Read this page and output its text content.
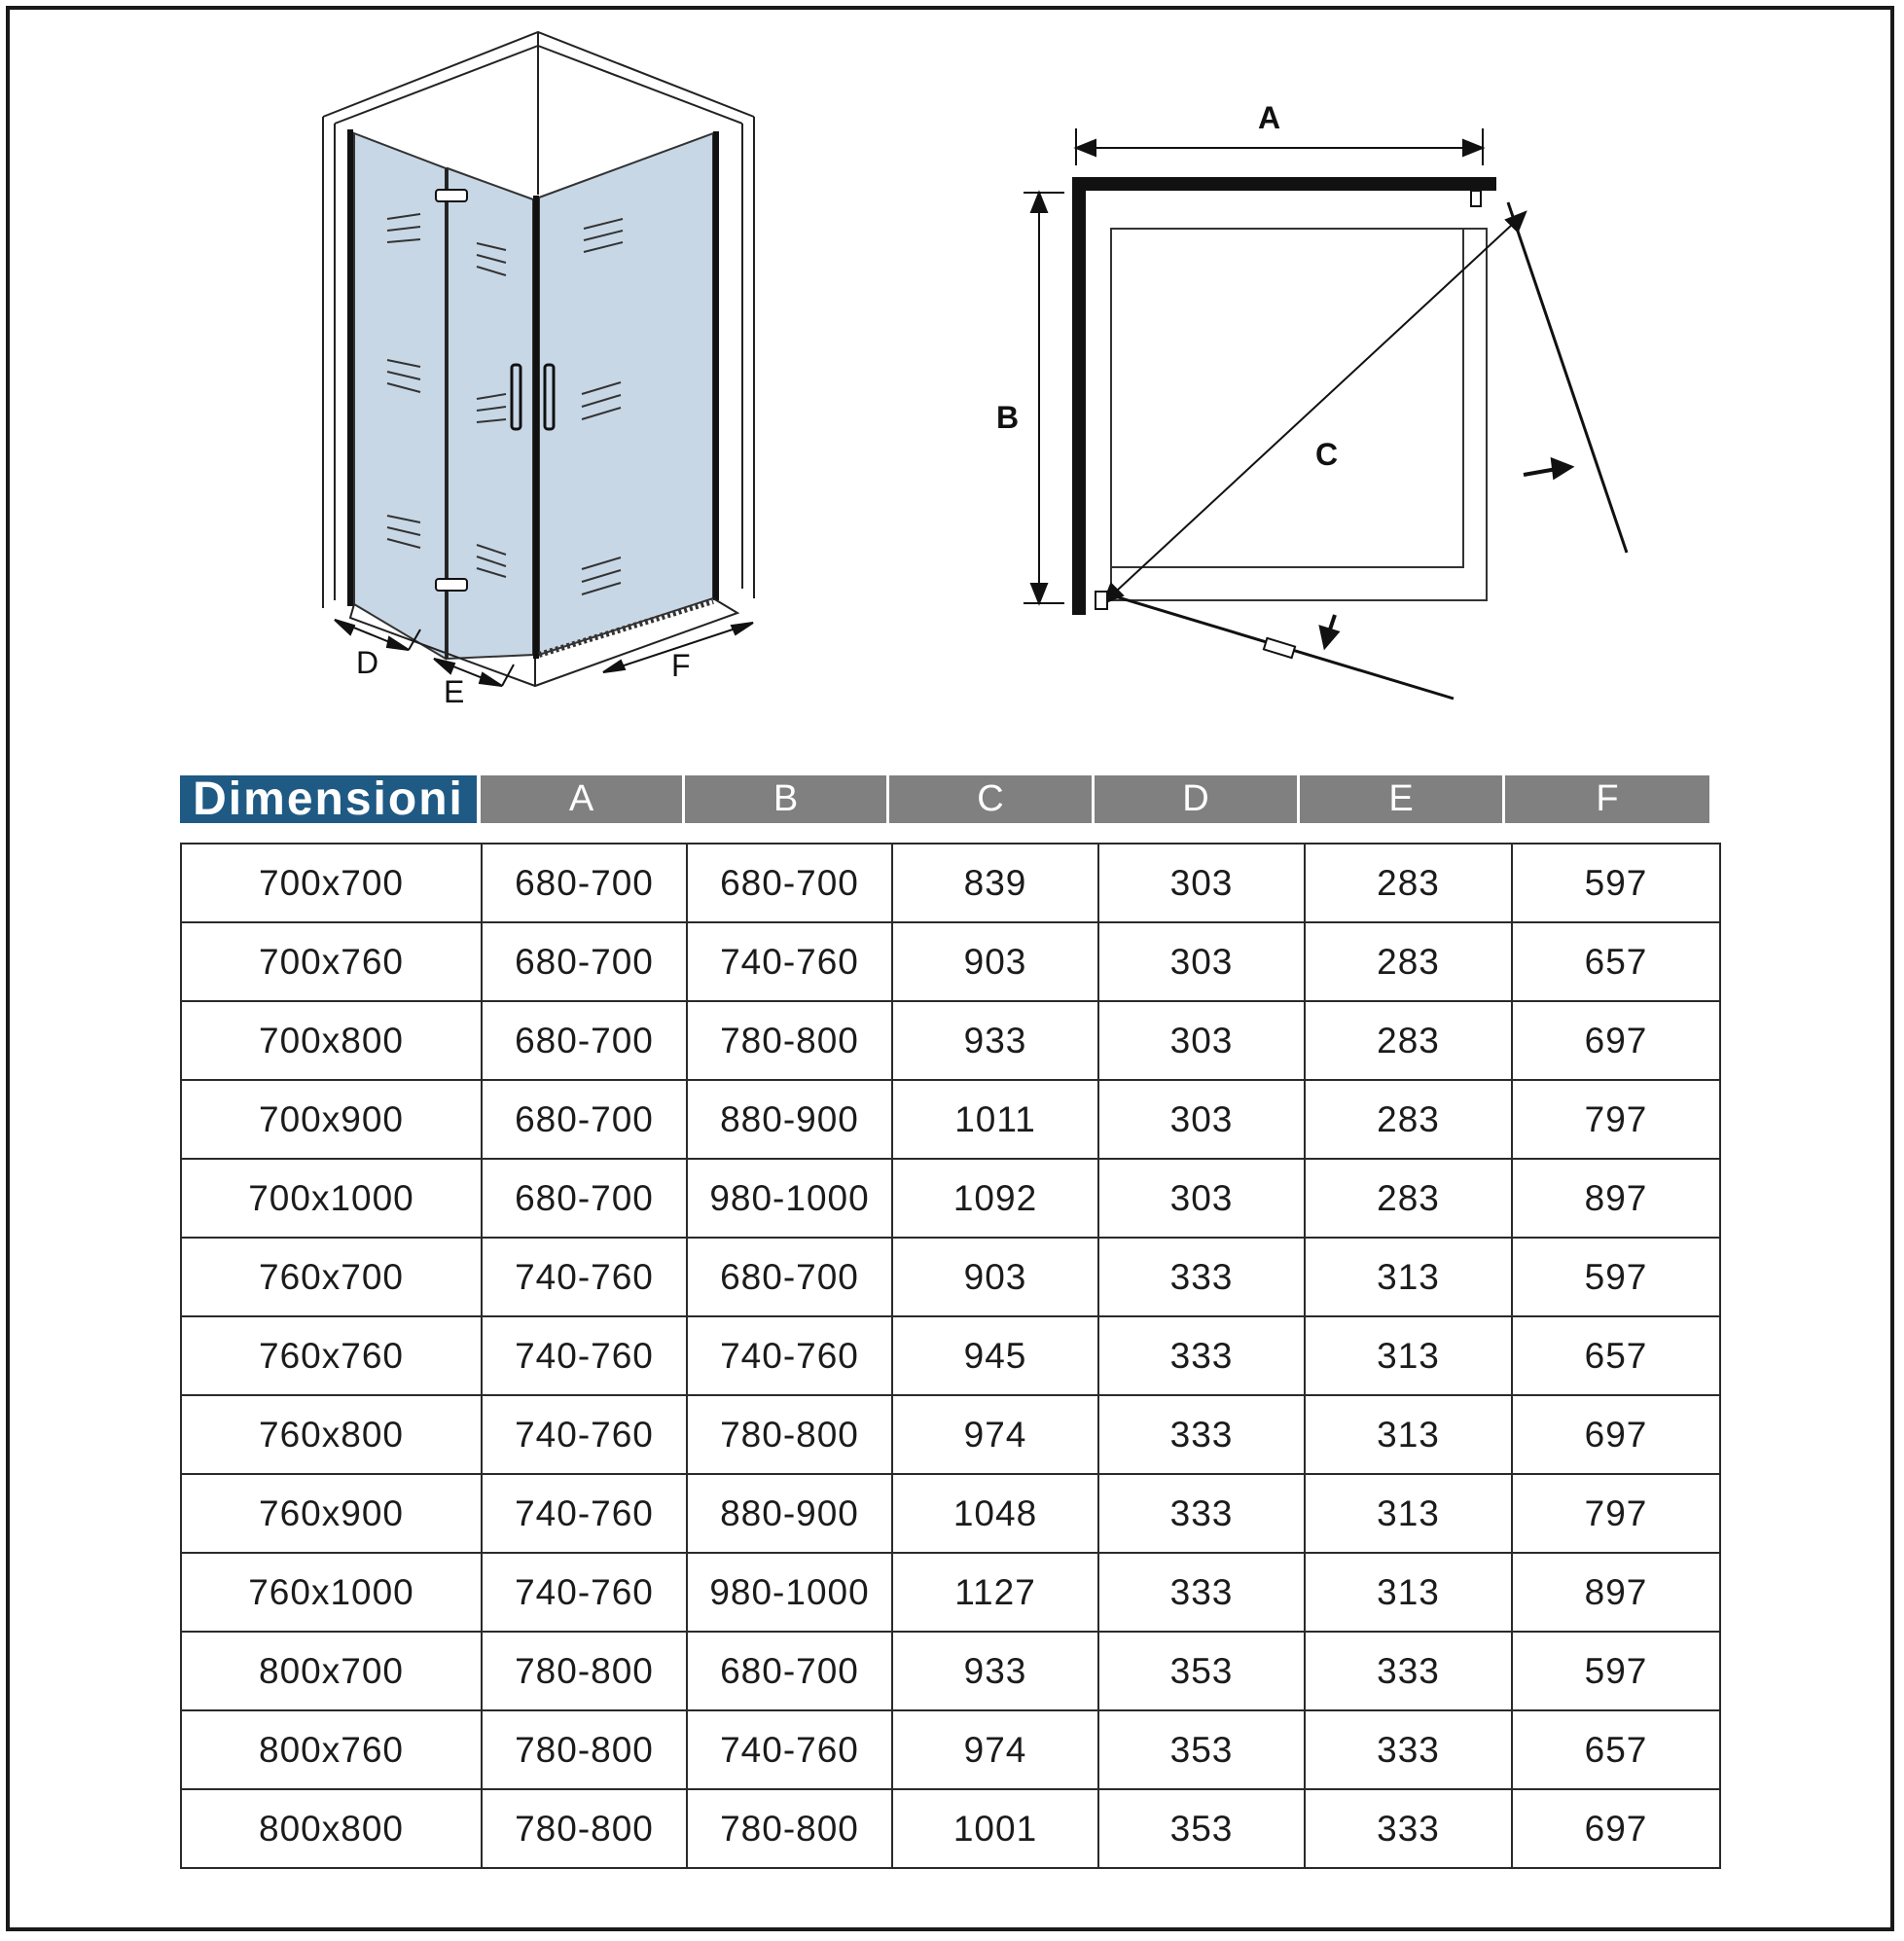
D
E
F
A
B
C
Dimensioni	A	B	C	D	E	F
700x700	680-700	680-700	839	303	283	597
700x760	680-700	740-760	903	303	283	657
700x800	680-700	780-800	933	303	283	697
700x900	680-700	880-900	1011	303	283	797
700x1000	680-700	980-1000	1092	303	283	897
760x700	740-760	680-700	903	333	313	597
760x760	740-760	740-760	945	333	313	657
760x800	740-760	780-800	974	333	313	697
760x900	740-760	880-900	1048	333	313	797
760x1000	740-760	980-1000	1127	333	313	897
800x700	780-800	680-700	933	353	333	597
800x760	780-800	740-760	974	353	333	657
800x800	780-800	780-800	1001	353	333	697
